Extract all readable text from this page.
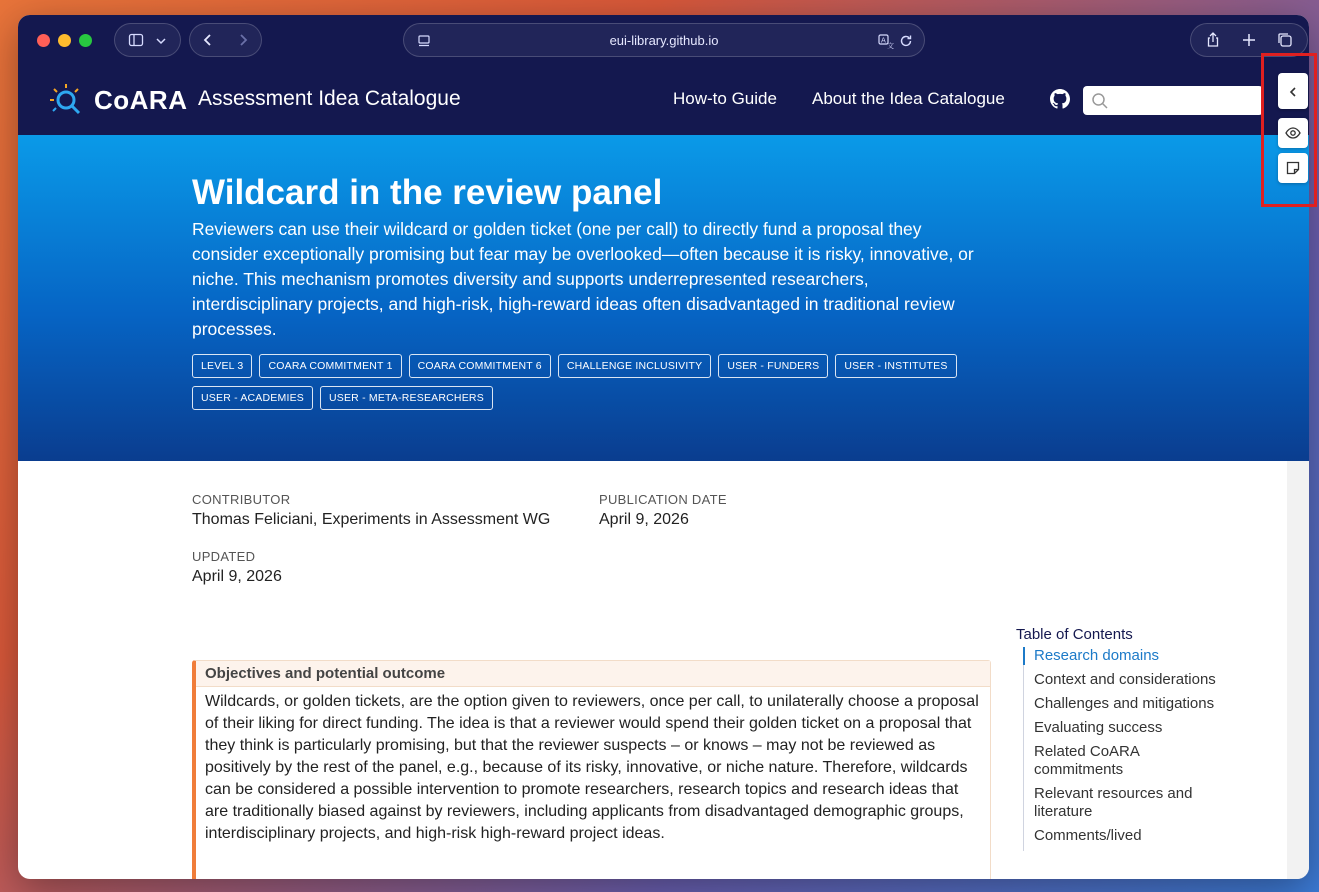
eui-library.github.io	A
文
CoARA Assessment Idea Catalogue	How-to Guide About the Idea Catalogue
Wildcard in the review panel

Reviewers can use their wildcard or golden ticket (one per call) to directly fund a proposal they consider exceptionally promising but fear may be overlooked—often because it is risky, innovative, or niche. This mechanism promotes diversity and supports underrepresented researchers, interdisciplinary projects, and high-risk, high-reward ideas often disadvantaged in traditional review processes.

LEVEL 3	COARA COMMITMENT 1	COARA COMMITMENT 6	CHALLENGE INCLUSIVITY	USER - FUNDERS	USER - INSTITUTES
USER - ACADEMIES	USER - META-RESEARCHERS
CONTRIBUTOR
Thomas Feliciani, Experiments in Assessment WG
PUBLICATION DATE
April 9, 2026
UPDATED
April 9, 2026
Table of Contents
Research domains
Context and considerations
Challenges and mitigations
Evaluating success
Related CoARA commitments
Relevant resources and literature
Comments/lived
Objectives and potential outcome
Wildcards, or golden tickets, are the option given to reviewers, once per call, to unilaterally choose a proposal of their liking for direct funding. The idea is that a reviewer would spend their golden ticket on a proposal that they think is particularly promising, but that the reviewer suspects – or knows – may not be reviewed as positively by the rest of the panel, e.g., because of its risky, innovative, or niche nature. Therefore, wildcards can be considered a possible intervention to promote researchers, research topics and research ideas that are traditionally biased against by reviewers, including applicants from disadvantaged demographic groups, interdisciplinary projects, and high-risk high-reward project ideas.
